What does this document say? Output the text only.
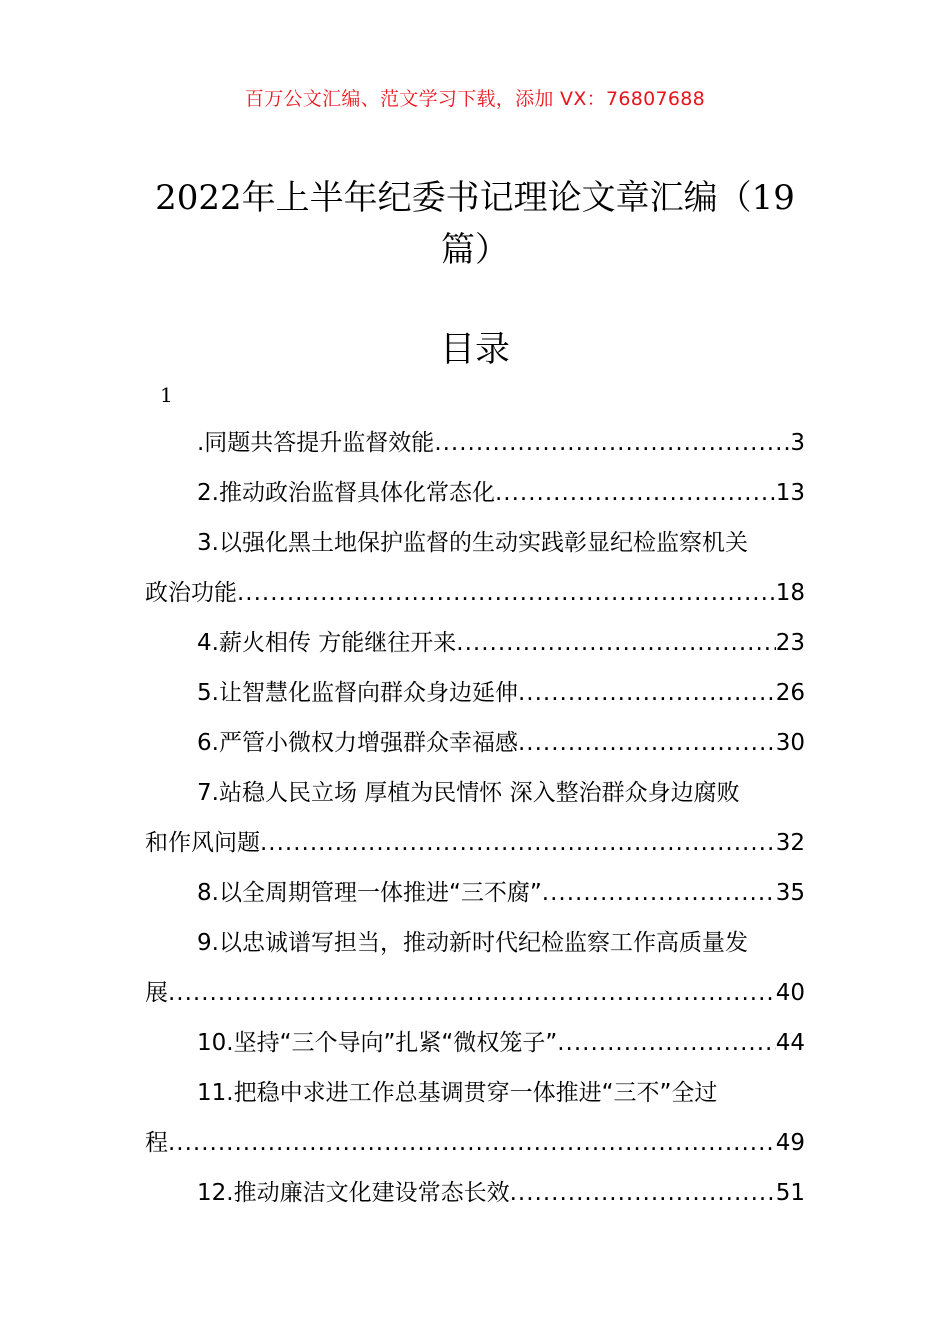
百万公文汇编、范文学习下载，添加 VX：76807688
2022年上半年纪委书记理论文章汇编（19
篇）
目录
1
.同题共答提升监督效能 .....	3
2.推动政治监督具体化常态化 .....	13
3.以强化黑土地保护监督的生动实践彰显纪检监察机关
政治功能 .....	18
4.薪火相传 方能继往开来 .....	23
5.让智慧化监督向群众身边延伸 .....	26
6.严管小微权力增强群众幸福感 .....	30
7.站稳人民立场 厚植为民情怀 深入整治群众身边腐败
和作风问题 .....	32
8.以全周期管理一体推进“三不腐” .....	35
9.以忠诚谱写担当，推动新时代纪检监察工作高质量发
展 .....	40
10.坚持“三个导向”扎紧“微权笼子” .....	44
11.把稳中求进工作总基调贯穿一体推进“三不”全过
程 .....	49
12.推动廉洁文化建设常态长效 .....	51
